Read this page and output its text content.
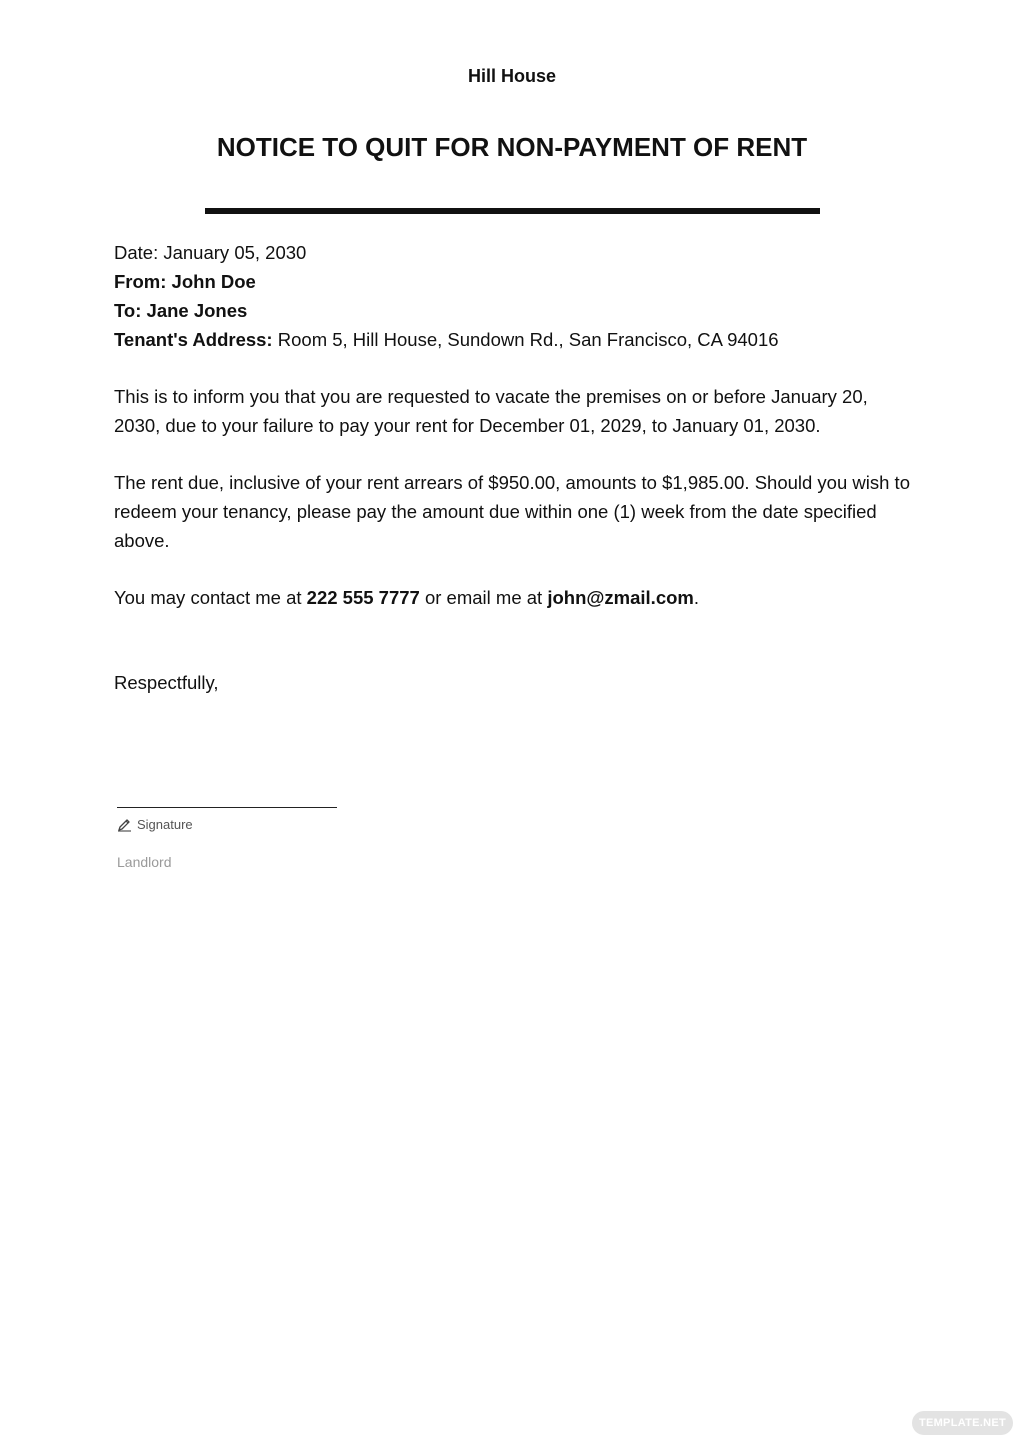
Hill House
NOTICE TO QUIT FOR NON-PAYMENT OF RENT
Date: January 05, 2030
From: John Doe
To: Jane Jones
Tenant's Address: Room 5, Hill House, Sundown Rd., San Francisco, CA 94016
This is to inform you that you are requested to vacate the premises on or before January 20, 2030, due to your failure to pay your rent for December 01, 2029, to January 01, 2030.
The rent due, inclusive of your rent arrears of $950.00, amounts to $1,985.00. Should you wish to redeem your tenancy, please pay the amount due within one (1) week from the date specified above.
You may contact me at 222 555 7777 or email me at john@zmail.com.
Respectfully,
Signature
Landlord
TEMPLATE.NET
